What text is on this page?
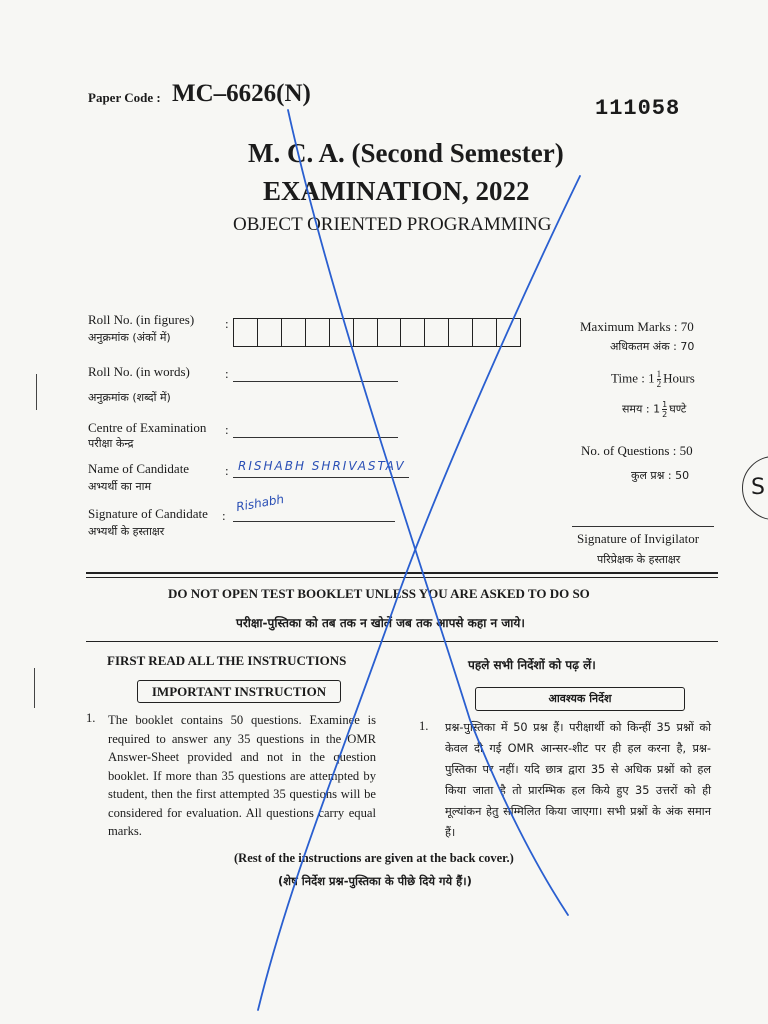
Paper Code : MC–6626(N)
111058
M. C. A. (Second Semester)
EXAMINATION, 2022
OBJECT ORIENTED PROGRAMMING
Roll No. (in figures)
अनुक्रमांक (अंकों में)
:
Roll No. (in words)	:
अनुक्रमांक (शब्दों में)
Centre of Examination :
परीक्षा केन्द्र
Name of Candidate	: RISHABH SHRIVASTAV
अभ्यर्थी का नाम
Signature of Candidate :
Rishabh
अभ्यर्थी के हस्ताक्षर
Maximum Marks : 70
अधिकतम अंक : 70
Time : $1 \frac{1}{2}$ Hours
समय : $1 \frac{1}{2}$ घण्टे
No. of Questions : 50
कुल प्रश्न : 50
Signature of Invigilator
परिप्रेक्षक के हस्ताक्षर
DO NOT OPEN TEST BOOKLET UNLESS YOU ARE ASKED TO DO SO
परीक्षा-पुस्तिका को तब तक न खोलें जब तक आपसे कहा न जाये।
FIRST READ ALL THE INSTRUCTIONS	पहले सभी निर्देशों को पढ़ लें।
IMPORTANT INSTRUCTION	आवश्यक निर्देश
1. The booklet contains 50 questions. Examinee is required to answer any 35 questions in the OMR Answer-Sheet provided and not in the question booklet. If more than 35 questions are attempted by student, then the first attempted 35 questions will be considered for evaluation. All questions carry equal marks.
1. प्रश्न-पुस्तिका में 50 प्रश्न हैं। परीक्षार्थी को किन्हीं 35 प्रश्नों को केवल दी गई OMR आन्सर-शीट पर ही हल करना है, प्रश्न-पुस्तिका पर नहीं। यदि छात्र द्वारा 35 से अधिक प्रश्नों को हल किया जाता है तो प्रारम्भिक हल किये हुए 35 उत्तरों को ही मूल्यांकन हेतु सम्मिलित किया जाएगा। सभी प्रश्नों के अंक समान हैं।
(Rest of the instructions are given at the back cover.)
(शेष निर्देश प्रश्न-पुस्तिका के पीछे दिये गये हैं।)
S
